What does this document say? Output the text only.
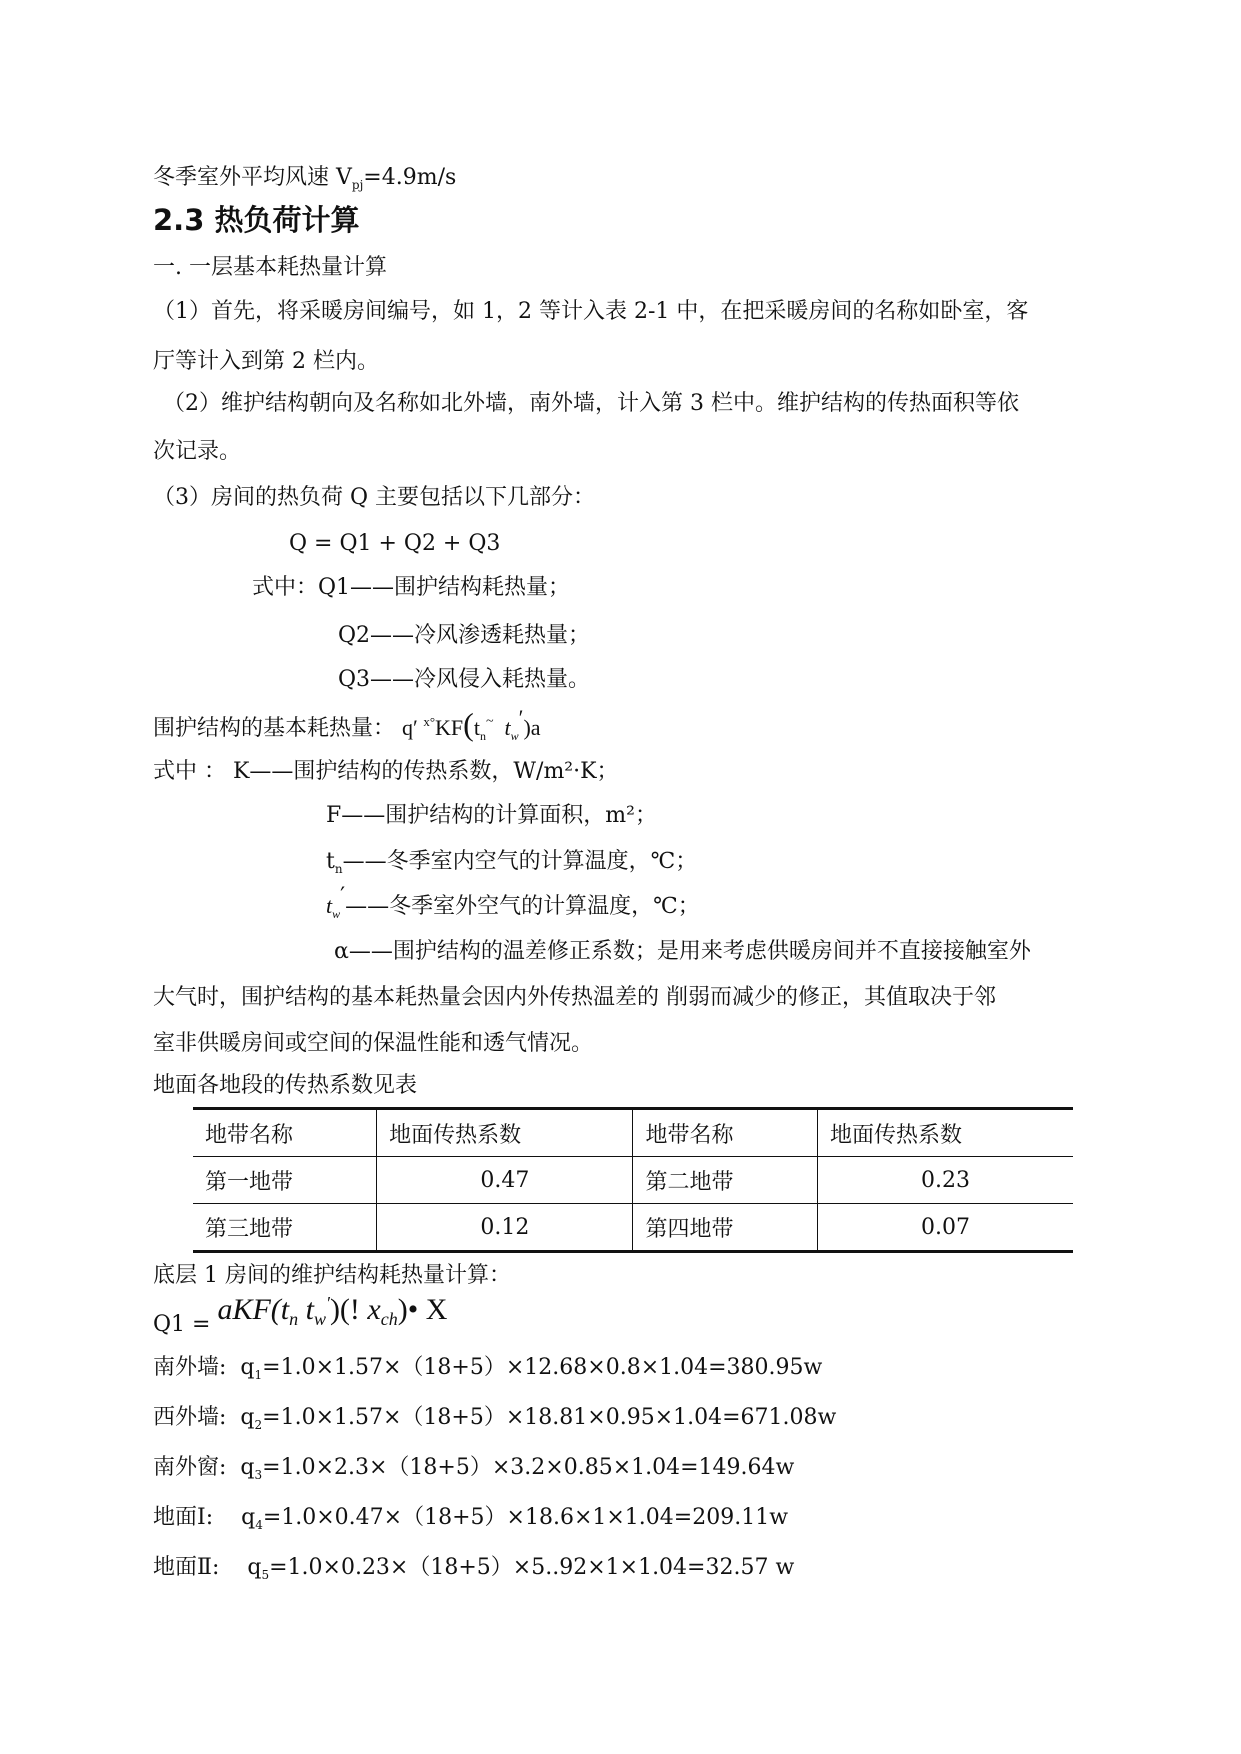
冬季室外平均风速 $V_{pj}=4.9m/s$
2.3 热负荷计算
一. 一层基本耗热量计算
（1）首先，将采暖房间编号，如 1，2 等计入表 2-1 中，在把采暖房间的名称如卧室，客
厅等计入到第 2 栏内。
（2）维护结构朝向及名称如北外墙，南外墙，计入第 3 栏中。维护结构的传热面积等依
次记录。
（3）房间的热负荷 Q 主要包括以下几部分：
Q = Q1 + Q2 + Q3
式中：Q1——围护结构耗热量；
Q2——冷风渗透耗热量；
Q3——冷风侵入耗热量。
围护结构的基本耗热量： q′ $^{x^\circ}KF(t_n^\sim$ $t_w')a$
式中 ： K——围护结构的传热系数，W/m²·K；
F——围护结构的计算面积，m²；
$t_n——$冬季室内空气的计算温度，℃；
$t_w'——$冬季室外空气的计算温度，℃；
α——围护结构的温差修正系数；是用来考虑供暖房间并不直接接触室外
大气时，围护结构的基本耗热量会因内外传热温差的 削弱而减少的修正，其值取决于邻
室非供暖房间或空间的保温性能和透气情况。
地面各地段的传热系数见表
地带名称	地面传热系数	地带名称	地面传热系数
第一地带	0.47	第二地带	0.23
第三地带	0.12	第四地带	0.07
底层 1 房间的维护结构耗热量计算：
$Q1 = aKF(t_n$ $t_w'$)(! $x_{ch})•$ X
南外墙: $q_1=1.0\times 1.57\times(18+5)\times 12.68\times 0.8\times 1.04=380.95w$
西外墙: $q_2=1.0\times 1.57\times(18+5)\times 18.81\times 0.95\times 1.04=671.08w$
南外窗: $q_3=1.0\times 2.3\times(18+5)\times 3.2\times 0.85\times 1.04=149.64w$
地面Ⅰ: $q_4=1.0\times 0.47\times(18+5)\times 18.6\times 1\times 1.04=209.11w$
地面Ⅱ: $q_5=1.0\times 0.23\times(18+5)\times 5..92\times 1\times 1.04=32.57$ w
